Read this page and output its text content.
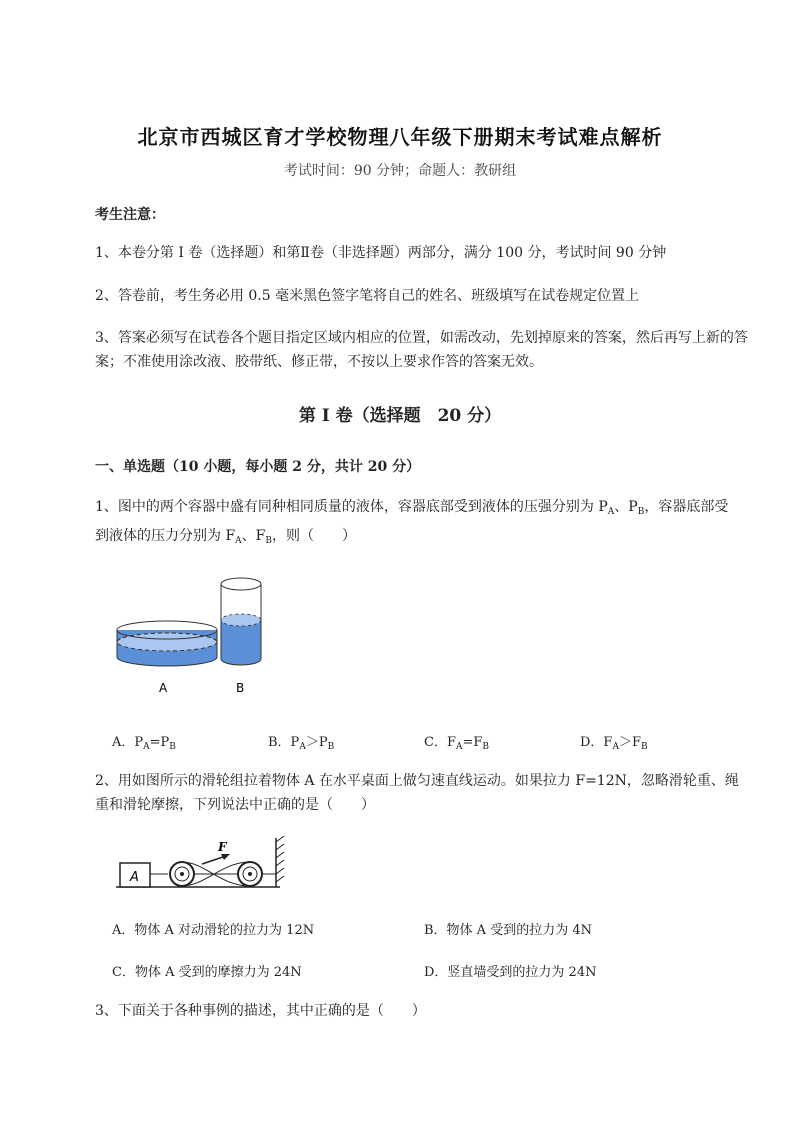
北京市西城区育才学校物理八年级下册期末考试难点解析
考试时间：90 分钟；命题人：教研组
考生注意：
1、本卷分第 I 卷（选择题）和第Ⅱ卷（非选择题）两部分，满分 100 分，考试时间 90 分钟
2、答卷前，考生务必用 0.5 毫米黑色签字笔将自己的姓名、班级填写在试卷规定位置上
3、答案必须写在试卷各个题目指定区域内相应的位置，如需改动，先划掉原来的答案，然后再写上新的答案；不准使用涂改液、胶带纸、修正带，不按以上要求作答的答案无效。
第 I 卷（选择题　20 分）
一、单选题（10 小题，每小题 2 分，共计 20 分）
1、图中的两个容器中盛有同种相同质量的液体，容器底部受到液体的压强分别为 $P_A$、$P_B$，容器底部受
到液体的压力分别为 $F_A$、$F_B$，则（　　）
A	B
A．$P_A=P_B$	B．$P_A>P_B$	C．$F_A=F_B$	D．$F_A>F_B$
2、用如图所示的滑轮组拉着物体 A 在水平桌面上做匀速直线运动。如果拉力 F=12N，忽略滑轮重、绳
重和滑轮摩擦，下列说法中正确的是（　　）
A
F
A．物体 A 对动滑轮的拉力为 12N	B．物体 A 受到的拉力为 4N
C．物体 A 受到的摩擦力为 24N	D．竖直墙受到的拉力为 24N
3、下面关于各种事例的描述，其中正确的是（　　）
